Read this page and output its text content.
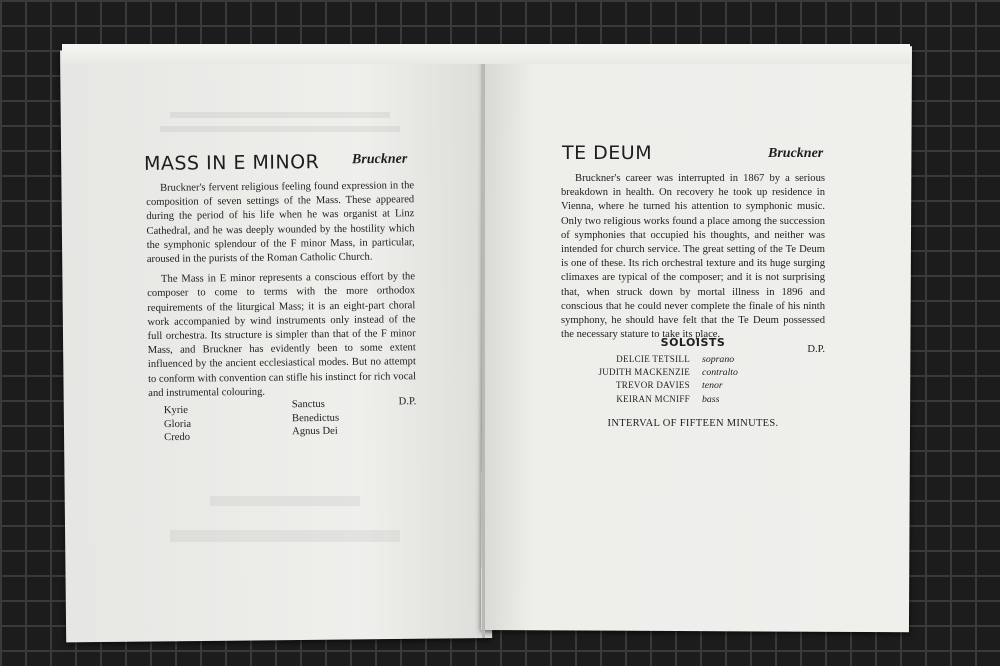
MASS IN E MINOR Bruckner

Bruckner's fervent religious feeling found expression in the composition of seven settings of the Mass. These appeared during the period of his life when he was organist at Linz Cathedral, and he was deeply wounded by the hostility which the symphonic splendour of the F minor Mass, in particular, aroused in the purists of the Roman Catholic Church.

The Mass in E minor represents a conscious effort by the composer to come to terms with the more orthodox requirements of the liturgical Mass; it is an eight-part choral work accompanied by wind instruments only instead of the full orchestra. Its structure is simpler than that of the F minor Mass, and Bruckner has evidently been to some extent influenced by the ancient ecclesiastical modes. But no attempt to conform with convention can stifle his instinct for rich vocal and instrumental colouring.

D.P.
Kyrie
Gloria
Credo
Sanctus
Benedictus
Agnus Dei
TE DEUM	Bruckner

Bruckner's career was interrupted in 1867 by a serious breakdown in health. On recovery he took up residence in Vienna, where he turned his attention to symphonic music. Only two religious works found a place among the succession of symphonies that occupied his thoughts, and neither was intended for church service. The great setting of the Te Deum is one of these. Its rich orchestral texture and its huge surging climaxes are typical of the composer; and it is not surprising that, when struck down by mortal illness in 1896 and conscious that he could never complete the finale of his ninth symphony, he should have felt that the Te Deum possessed the necessary stature to take its place.

D.P.
SOLOISTS
DELCIE TETSILL	soprano
JUDITH MACKENZIE	contralto
TREVOR DAVIES	tenor
KEIRAN MCNIFF	bass
INTERVAL OF FIFTEEN MINUTES.
